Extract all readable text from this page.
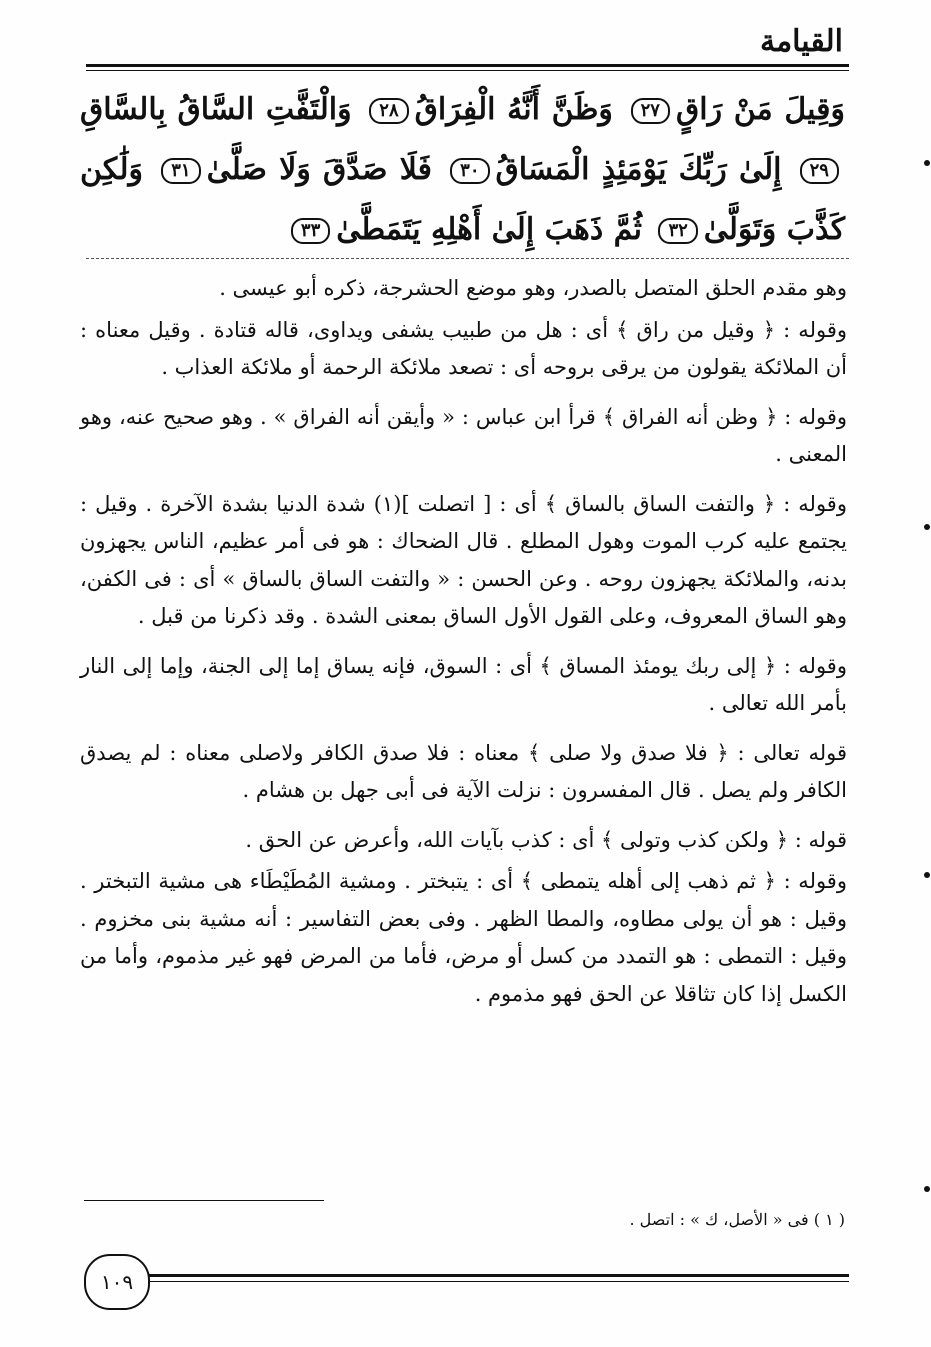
القيامة
وَقِيلَ مَنْ رَاقٍ٢٧ وَظَنَّ أَنَّهُ الْفِرَاقُ٢٨ وَالْتَفَّتِ السَّاقُ بِالسَّاقِ٢٩ إِلَىٰ رَبِّكَ يَوْمَئِذٍ الْمَسَاقُ٣٠ فَلَا صَدَّقَ وَلَا صَلَّىٰ٣١ وَلَٰكِن كَذَّبَ وَتَوَلَّىٰ٣٢ ثُمَّ ذَهَبَ إِلَىٰ أَهْلِهِ يَتَمَطَّىٰ٣٣

وهو مقدم الحلق المتصل بالصدر، وهو موضع الحشرجة، ذكره أبو عيسى .

وقوله : ﴿ وقيل من راق ﴾ أى : هل من طبيب يشفى ويداوى، قاله قتادة . وقيل معناه : أن الملائكة يقولون من يرقى بروحه أى : تصعد ملائكة الرحمة أو ملائكة العذاب .

وقوله : ﴿ وظن أنه الفراق ﴾ قرأ ابن عباس : « وأيقن أنه الفراق » . وهو صحيح عنه، وهو المعنى .

وقوله : ﴿ والتفت الساق بالساق ﴾ أى : [ اتصلت ](١) شدة الدنيا بشدة الآخرة . وقيل : يجتمع عليه كرب الموت وهول المطلع . قال الضحاك : هو فى أمر عظيم، الناس يجهزون بدنه، والملائكة يجهزون روحه . وعن الحسن : « والتفت الساق بالساق » أى : فى الكفن، وهو الساق المعروف، وعلى القول الأول الساق بمعنى الشدة . وقد ذكرنا من قبل .

وقوله : ﴿ إلى ربك يومئذ المساق ﴾ أى : السوق، فإنه يساق إما إلى الجنة، وإما إلى النار بأمر الله تعالى .

قوله تعالى : ﴿ فلا صدق ولا صلى ﴾ معناه : فلا صدق الكافر ولاصلى معناه : لم يصدق الكافر ولم يصل . قال المفسرون : نزلت الآية فى أبى جهل بن هشام .

قوله : ﴿ ولكن كذب وتولى ﴾ أى : كذب بآيات الله، وأعرض عن الحق .

وقوله : ﴿ ثم ذهب إلى أهله يتمطى ﴾ أى : يتبختر . ومشية المُطَيْطَاء هى مشية التبختر . وقيل : هو أن يولى مطاوه، والمطا الظهر . وفى بعض التفاسير : أنه مشية بنى مخزوم . وقيل : التمطى : هو التمدد من كسل أو مرض، فأما من المرض فهو غير مذموم، وأما من الكسل إذا كان تثاقلا عن الحق فهو مذموم .

( ١ ) فى « الأصل، ك » : اتصل .
١٠٩
